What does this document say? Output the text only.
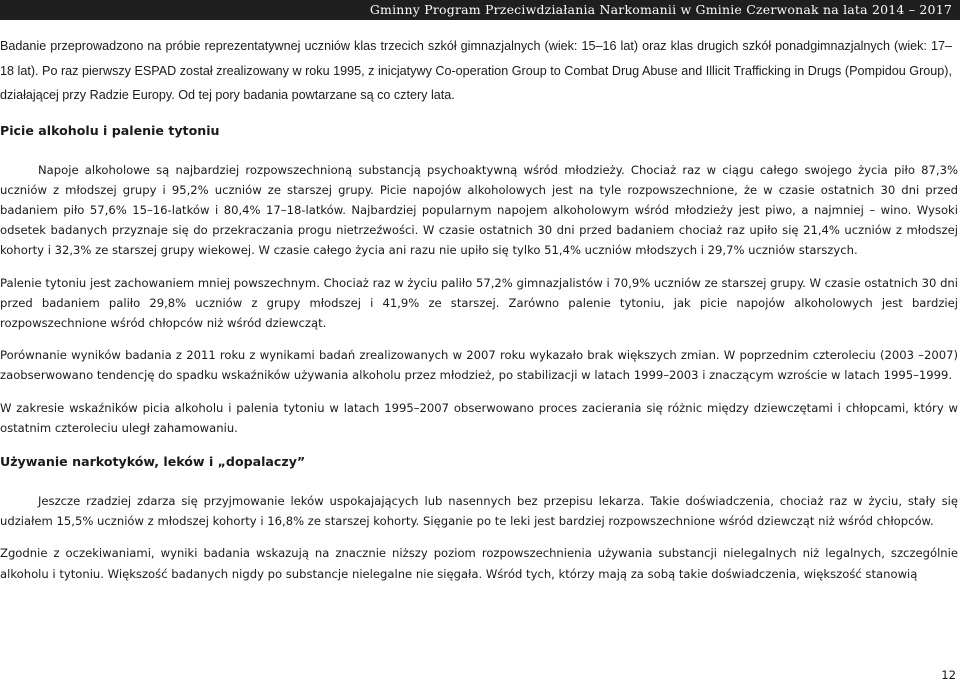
Gminny Program Przeciwdziałania Narkomanii w Gminie Czerwonak na lata 2014 – 2017

Badanie przeprowadzono na próbie reprezentatywnej uczniów klas trzecich szkół gimnazjalnych (wiek: 15–16 lat) oraz klas drugich szkół ponadgimnazjalnych (wiek: 17–18 lat). Po raz pierwszy ESPAD został zrealizowany w roku 1995, z inicjatywy Co-operation Group to Combat Drug Abuse and Illicit Trafficking in Drugs (Pompidou Group), działającej przy Radzie Europy. Od tej pory badania powtarzane są co cztery lata.

Picie alkoholu i palenie tytoniu

Napoje alkoholowe są najbardziej rozpowszechnioną substancją psychoaktywną wśród młodzieży. Chociaż raz w ciągu całego swojego życia piło 87,3% uczniów z młodszej grupy i 95,2% uczniów ze starszej grupy. Picie napojów alkoholowych jest na tyle rozpowszechnione, że w czasie ostatnich 30 dni przed badaniem piło 57,6% 15–16-latków i 80,4% 17–18-latków. Najbardziej popularnym napojem alkoholowym wśród młodzieży jest piwo, a najmniej – wino. Wysoki odsetek badanych przyznaje się do przekraczania progu nietrzeźwości. W czasie ostatnich 30 dni przed badaniem chociaż raz upiło się 21,4% uczniów z młodszej kohorty i 32,3% ze starszej grupy wiekowej. W czasie całego życia ani razu nie upiło się tylko 51,4% uczniów młodszych i 29,7% uczniów starszych.

Palenie tytoniu jest zachowaniem mniej powszechnym. Chociaż raz w życiu paliło 57,2% gimnazjalistów i 70,9% uczniów ze starszej grupy. W czasie ostatnich 30 dni przed badaniem paliło 29,8% uczniów z grupy młodszej i 41,9% ze starszej. Zarówno palenie tytoniu, jak picie napojów alkoholowych jest bardziej rozpowszechnione wśród chłopców niż wśród dziewcząt.

Porównanie wyników badania z 2011 roku z wynikami badań zrealizowanych w 2007 roku wykazało brak większych zmian. W poprzednim czteroleciu (2003 –2007) zaobserwowano tendencję do spadku wskaźników używania alkoholu przez młodzież, po stabilizacji w latach 1999–2003 i znaczącym wzroście w latach 1995–1999.

W zakresie wskaźników picia alkoholu i palenia tytoniu w latach 1995–2007 obserwowano proces zacierania się różnic między dziewczętami i chłopcami, który w ostatnim czteroleciu uległ zahamowaniu.

Używanie narkotyków, leków i „dopalaczy”

Jeszcze rzadziej zdarza się przyjmowanie leków uspokajających lub nasennych bez przepisu lekarza. Takie doświadczenia, chociaż raz w życiu, stały się udziałem 15,5% uczniów z młodszej kohorty i 16,8% ze starszej kohorty. Sięganie po te leki jest bardziej rozpowszechnione wśród dziewcząt niż wśród chłopców.

Zgodnie z oczekiwaniami, wyniki badania wskazują na znacznie niższy poziom rozpowszechnienia używania substancji nielegalnych niż legalnych, szczególnie alkoholu i tytoniu. Większość badanych nigdy po substancje nielegalne nie sięgała. Wśród tych, którzy mają za sobą takie doświadczenia, większość stanowią

12
